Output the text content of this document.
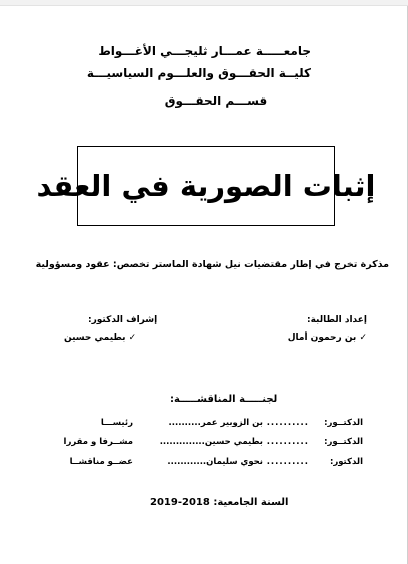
جامعـــــة عمـــار ثليجـــي الأغـــواط
كليــة الحقـــوق والعلـــوم السياسيـــة
قســـم الحقـــوق
إثبات الصورية في العقد
مذكرة تخرج في إطار مقتضيات نيل شهادة الماستر تخصص: عقود ومسؤولية
إعداد الطالبة:
✓ بن رحمون أمال
إشراف الدكتور:
✓ بطيمي حسين
لجنـــــة المناقشـــــة:
الدكتــور:
..........
بن الزوبير عمر..........
رئيســـا
الدكتــور:
..........
بطيمي حسين..............
مشــرفا و مقررا
الدكتور:
..........
نحوي سليمان............
عضــو مناقشــا
السنة الجامعية: 2018-2019
